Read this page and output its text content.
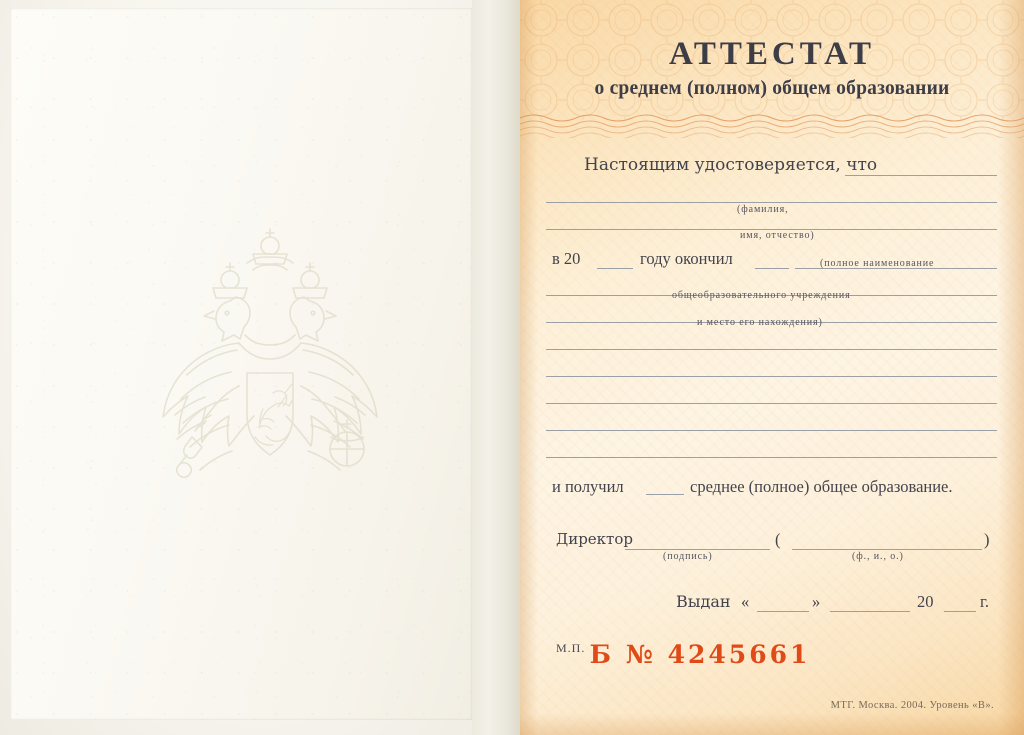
АТТЕСТАТ
о среднем (полном) общем образовании
Настоящим удостоверяется, что
(фамилия,
имя, отчество)
в 20	году окончил	(полное наименование
общеобразовательного учреждения
и место его нахождения)
и получил	среднее (полное) общее образование.
Директор
(подпись)
(	)
(ф., и., о.)
Выдан «	»	20	г.
М.П. Б № 4245661
МТГ. Москва. 2004. Уровень «В».
